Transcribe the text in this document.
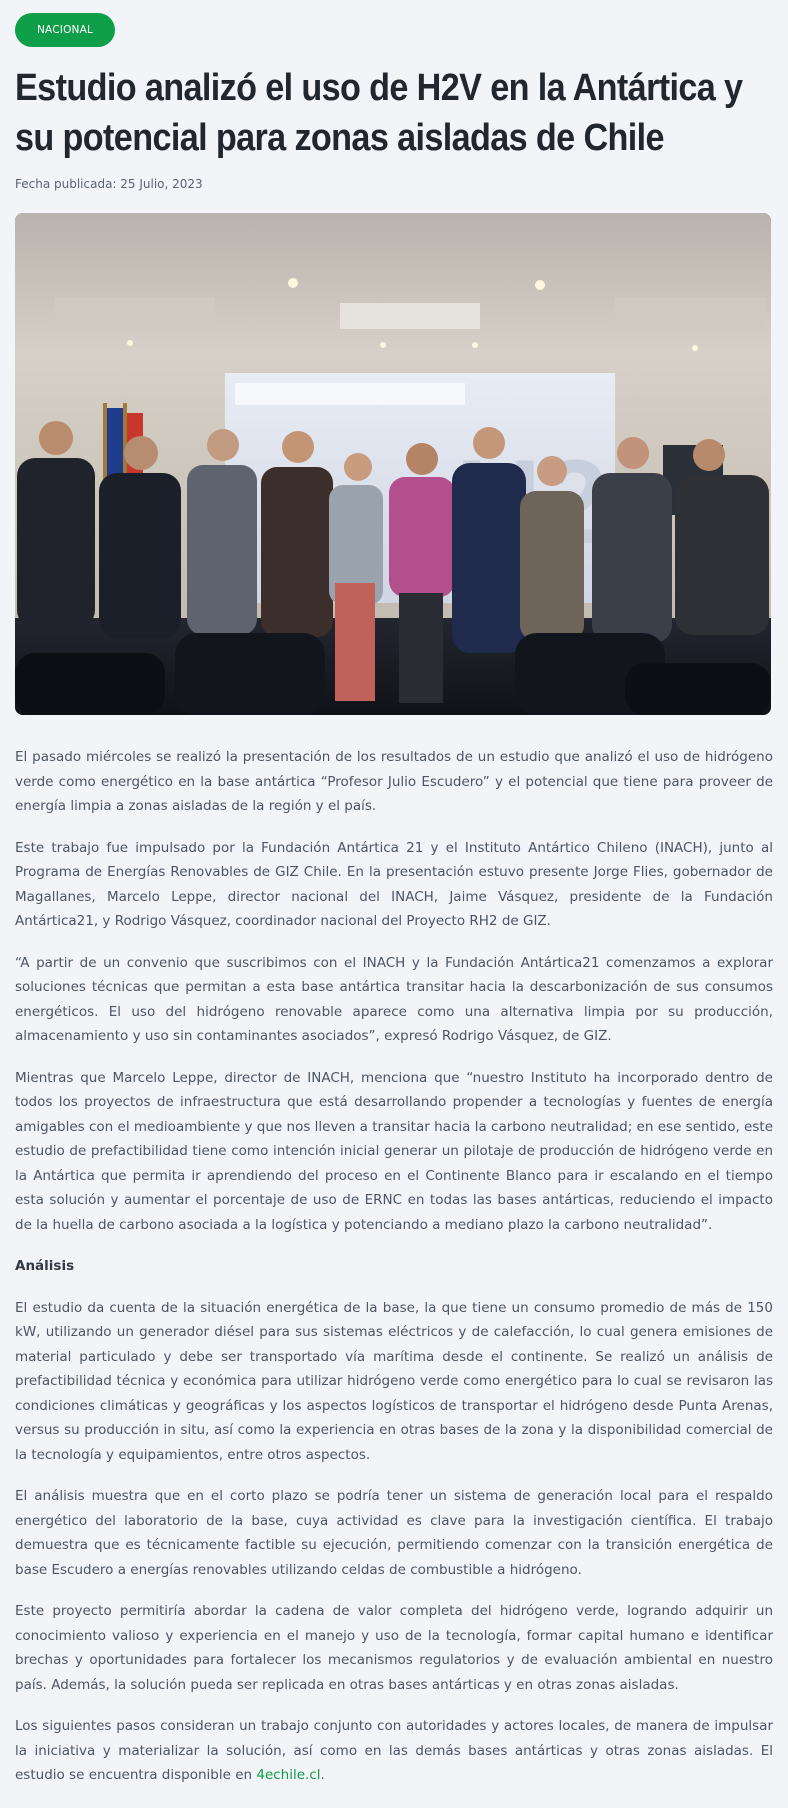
NACIONAL
Estudio analizó el uso de H2V en la Antártica y su potencial para zonas aisladas de Chile
Fecha publicada: 25 Julio, 2023

El pasado miércoles se realizó la presentación de los resultados de un estudio que analizó el uso de hidrógeno verde como energético en la base antártica “Profesor Julio Escudero” y el potencial que tiene para proveer de energía limpia a zonas aisladas de la región y el país.

Este trabajo fue impulsado por la Fundación Antártica 21 y el Instituto Antártico Chileno (INACH), junto al Programa de Energías Renovables de GIZ Chile. En la presentación estuvo presente Jorge Flies, gobernador de Magallanes, Marcelo Leppe, director nacional del INACH, Jaime Vásquez, presidente de la Fundación Antártica21, y Rodrigo Vásquez, coordinador nacional del Proyecto RH2 de GIZ.

“A partir de un convenio que suscribimos con el INACH y la Fundación Antártica21 comenzamos a explorar soluciones técnicas que permitan a esta base antártica transitar hacia la descarbonización de sus consumos energéticos. El uso del hidrógeno renovable aparece como una alternativa limpia por su producción, almacenamiento y uso sin contaminantes asociados”, expresó Rodrigo Vásquez, de GIZ.

Mientras que Marcelo Leppe, director de INACH, menciona que “nuestro Instituto ha incorporado dentro de todos los proyectos de infraestructura que está desarrollando propender a tecnologías y fuentes de energía amigables con el medioambiente y que nos lleven a transitar hacia la carbono neutralidad; en ese sentido, este estudio de prefactibilidad tiene como intención inicial generar un pilotaje de producción de hidrógeno verde en la Antártica que permita ir aprendiendo del proceso en el Continente Blanco para ir escalando en el tiempo esta solución y aumentar el porcentaje de uso de ERNC en todas las bases antárticas, reduciendo el impacto de la huella de carbono asociada a la logística y potenciando a mediano plazo la carbono neutralidad”.

Análisis

El estudio da cuenta de la situación energética de la base, la que tiene un consumo promedio de más de 150 kW, utilizando un generador diésel para sus sistemas eléctricos y de calefacción, lo cual genera emisiones de material particulado y debe ser transportado vía marítima desde el continente. Se realizó un análisis de prefactibilidad técnica y económica para utilizar hidrógeno verde como energético para lo cual se revisaron las condiciones climáticas y geográficas y los aspectos logísticos de transportar el hidrógeno desde Punta Arenas, versus su producción in situ, así como la experiencia en otras bases de la zona y la disponibilidad comercial de la tecnología y equipamientos, entre otros aspectos.

El análisis muestra que en el corto plazo se podría tener un sistema de generación local para el respaldo energético del laboratorio de la base, cuya actividad es clave para la investigación científica. El trabajo demuestra que es técnicamente factible su ejecución, permitiendo comenzar con la transición energética de base Escudero a energías renovables utilizando celdas de combustible a hidrógeno.

Este proyecto permitiría abordar la cadena de valor completa del hidrógeno verde, logrando adquirir un conocimiento valioso y experiencia en el manejo y uso de la tecnología, formar capital humano e identificar brechas y oportunidades para fortalecer los mecanismos regulatorios y de evaluación ambiental en nuestro país. Además, la solución pueda ser replicada en otras bases antárticas y en otras zonas aisladas.

Los siguientes pasos consideran un trabajo conjunto con autoridades y actores locales, de manera de impulsar la iniciativa y materializar la solución, así como en las demás bases antárticas y otras zonas aisladas. El estudio se encuentra disponible en 4echile.cl.
